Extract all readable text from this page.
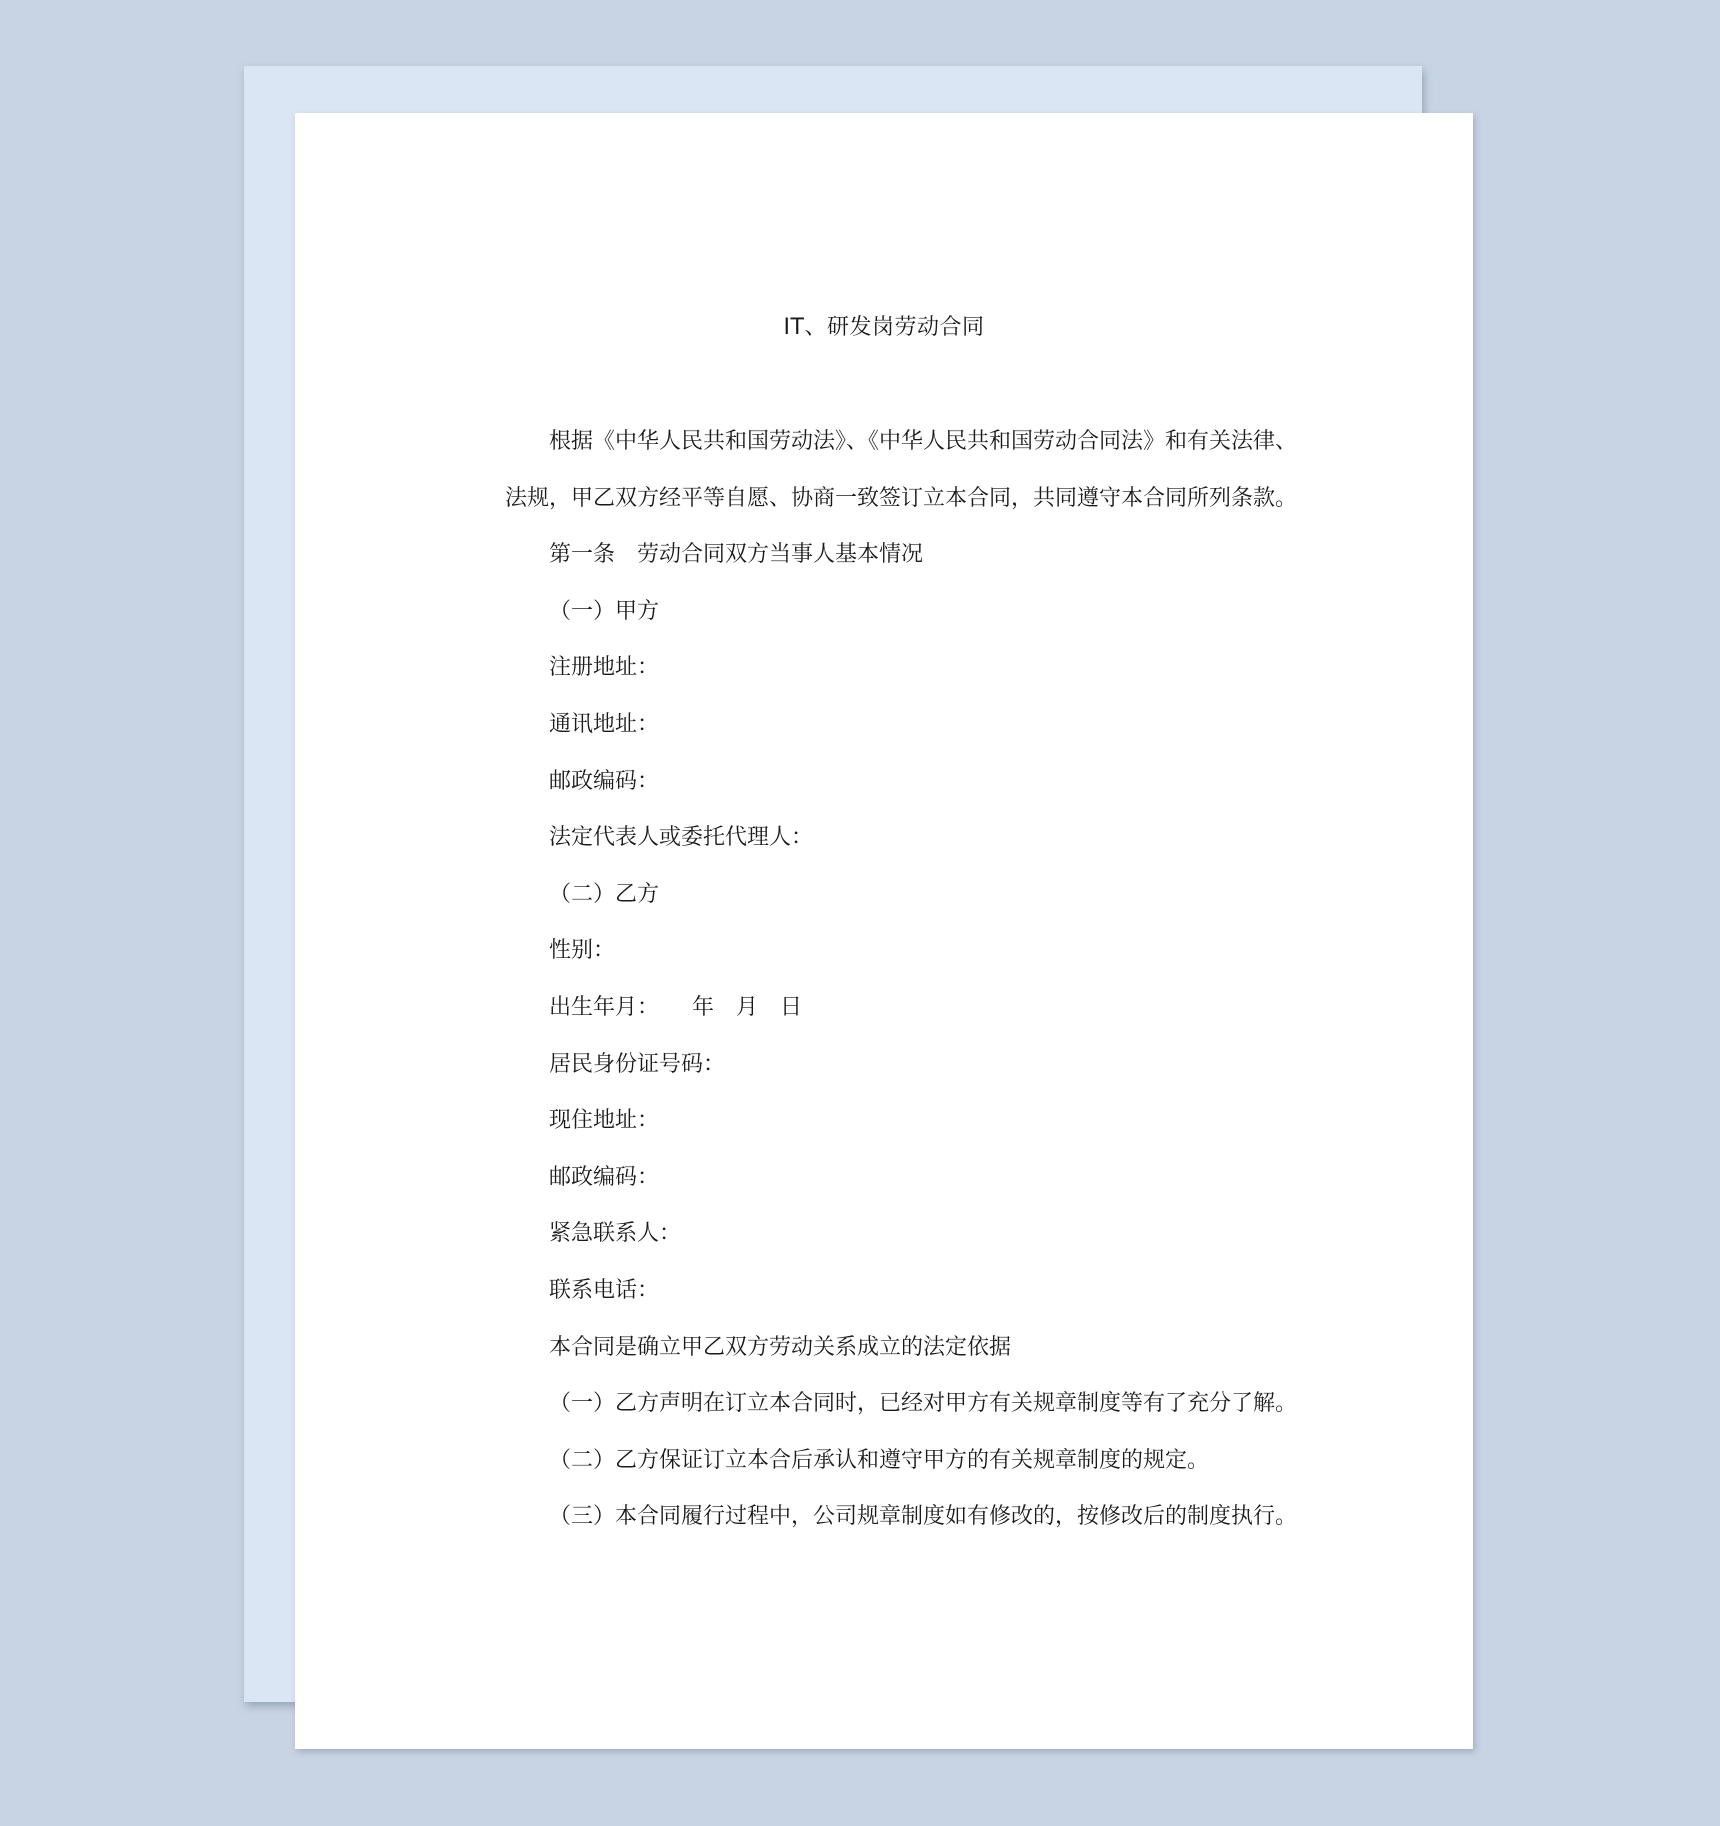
IT、研发岗劳动合同
根据《中华人民共和国劳动法》、《中华人民共和国劳动合同法》和有关法律、
法规，甲乙双方经平等自愿、协商一致签订立本合同，共同遵守本合同所列条款。
第一条　劳动合同双方当事人基本情况
（一）甲方
注册地址：
通讯地址：
邮政编码：
法定代表人或委托代理人：
（二）乙方
性别：
出生年月：　　年　月　日
居民身份证号码：
现住地址：
邮政编码：
紧急联系人：
联系电话：
本合同是确立甲乙双方劳动关系成立的法定依据
（一）乙方声明在订立本合同时，已经对甲方有关规章制度等有了充分了解。
（二）乙方保证订立本合后承认和遵守甲方的有关规章制度的规定。
（三）本合同履行过程中，公司规章制度如有修改的，按修改后的制度执行。
